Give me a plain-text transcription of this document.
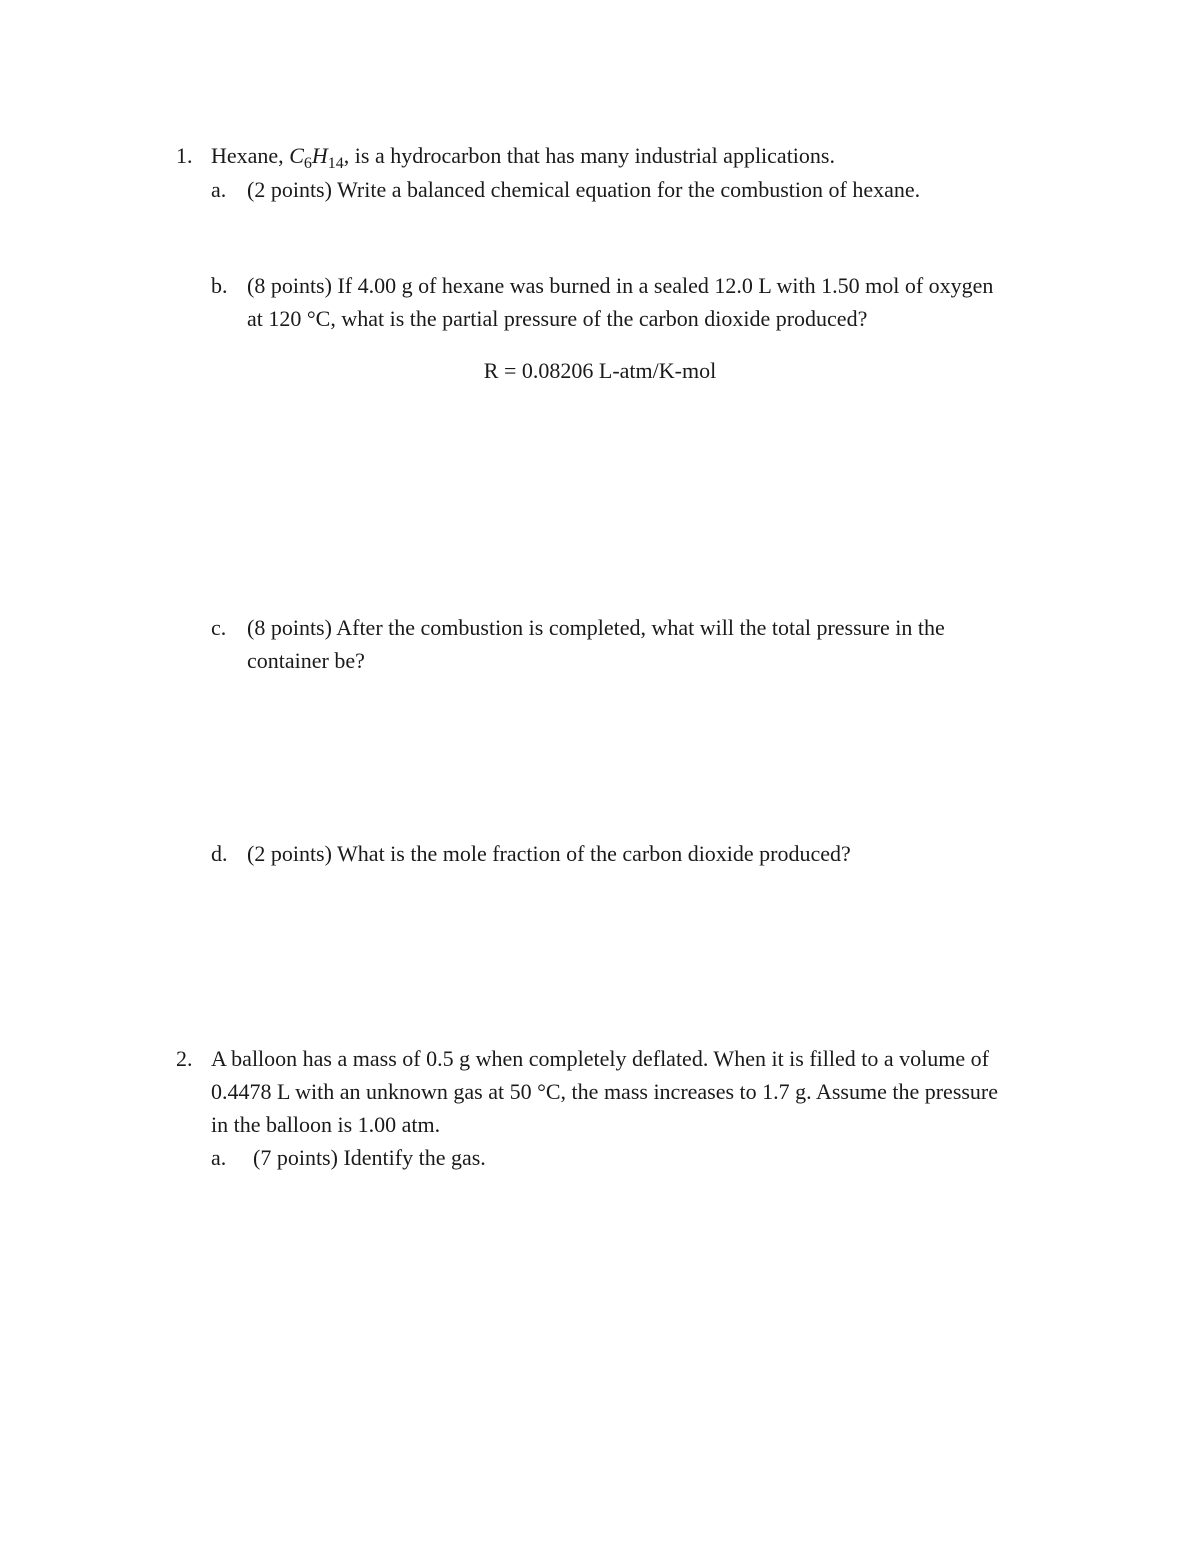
1. Hexane, $C_6H_{14}$, is a hydrocarbon that has many industrial applications.
a. (2 points) Write a balanced chemical equation for the combustion of hexane.
b. (8 points) If 4.00 g of hexane was burned in a sealed 12.0 L with 1.50 mol of oxygen
at 120 °C, what is the partial pressure of the carbon dioxide produced?
R = 0.08206 L-atm/K-mol
c. (8 points) After the combustion is completed, what will the total pressure in the
container be?
d. (2 points) What is the mole fraction of the carbon dioxide produced?
2. A balloon has a mass of 0.5 g when completely deflated. When it is filled to a volume of
0.4478 L with an unknown gas at 50 °C, the mass increases to 1.7 g. Assume the pressure
in the balloon is 1.00 atm.
a. (7 points) Identify the gas.
